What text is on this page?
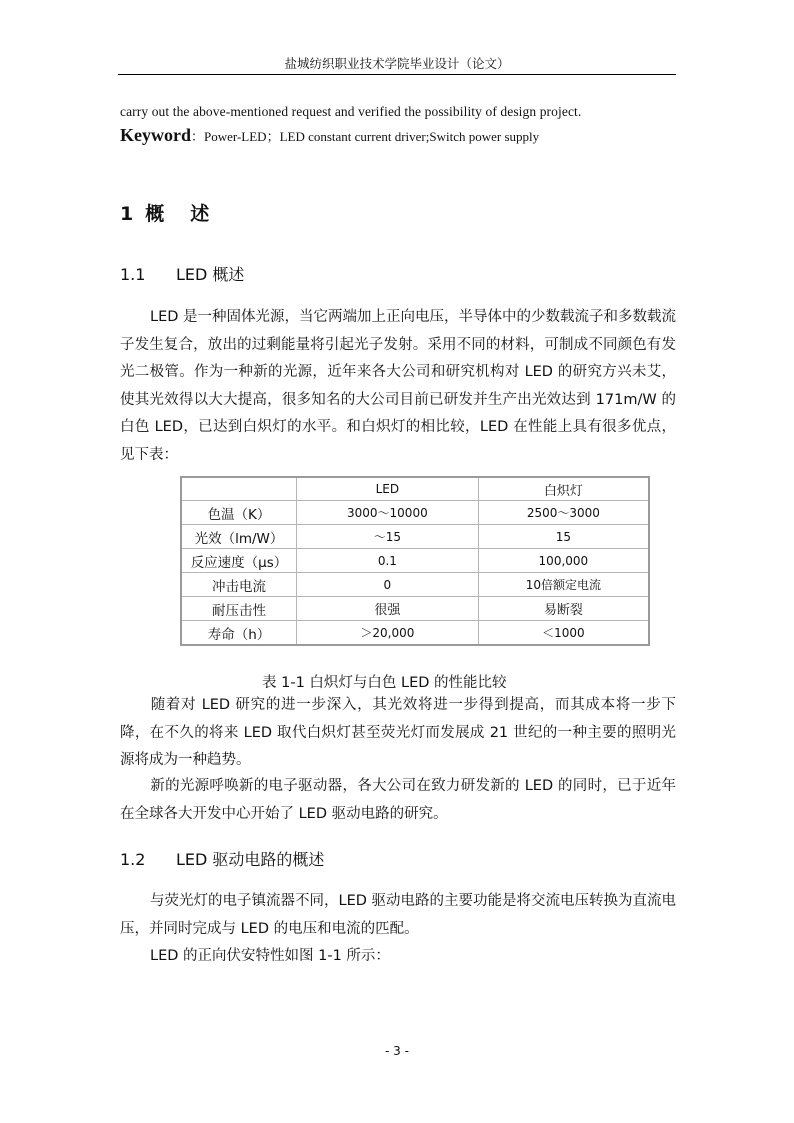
盐城纺织职业技术学院毕业设计（论文）
carry out the above-mentioned request and verified the possibility of design project.
Keyword：Power-LED；LED constant current driver;Switch power supply
1 概 述
1.1 LED 概述

LED 是一种固体光源，当它两端加上正向电压，半导体中的少数载流子和多数载流子发生复合，放出的过剩能量将引起光子发射。采用不同的材料，可制成不同颜色有发光二极管。作为一种新的光源，近年来各大公司和研究机构对 LED 的研究方兴未艾，使其光效得以大大提高，很多知名的大公司目前已研发并生产出光效达到 171m/W 的白色 LED，已达到白炽灯的水平。和白炽灯的相比较，LED 在性能上具有很多优点，见下表：

	LED	白炽灯
色温（K）	3000～10000	2500～3000
光效（lm/W）	～15	15
反应速度（μs）	0.1	100,000
冲击电流	0	10倍额定电流
耐压击性	很强	易断裂
寿命（h）	＞20,000	＜1000
表 1-1 白炽灯与白色 LED 的性能比较

随着对 LED 研究的进一步深入，其光效将进一步得到提高，而其成本将一步下降，在不久的将来 LED 取代白炽灯甚至荧光灯而发展成 21 世纪的一种主要的照明光源将成为一种趋势。

新的光源呼唤新的电子驱动器，各大公司在致力研发新的 LED 的同时，已于近年在全球各大开发中心开始了 LED 驱动电路的研究。

1.2 LED 驱动电路的概述

与荧光灯的电子镇流器不同，LED 驱动电路的主要功能是将交流电压转换为直流电压，并同时完成与 LED 的电压和电流的匹配。

LED 的正向伏安特性如图 1-1 所示：

- 3 -
